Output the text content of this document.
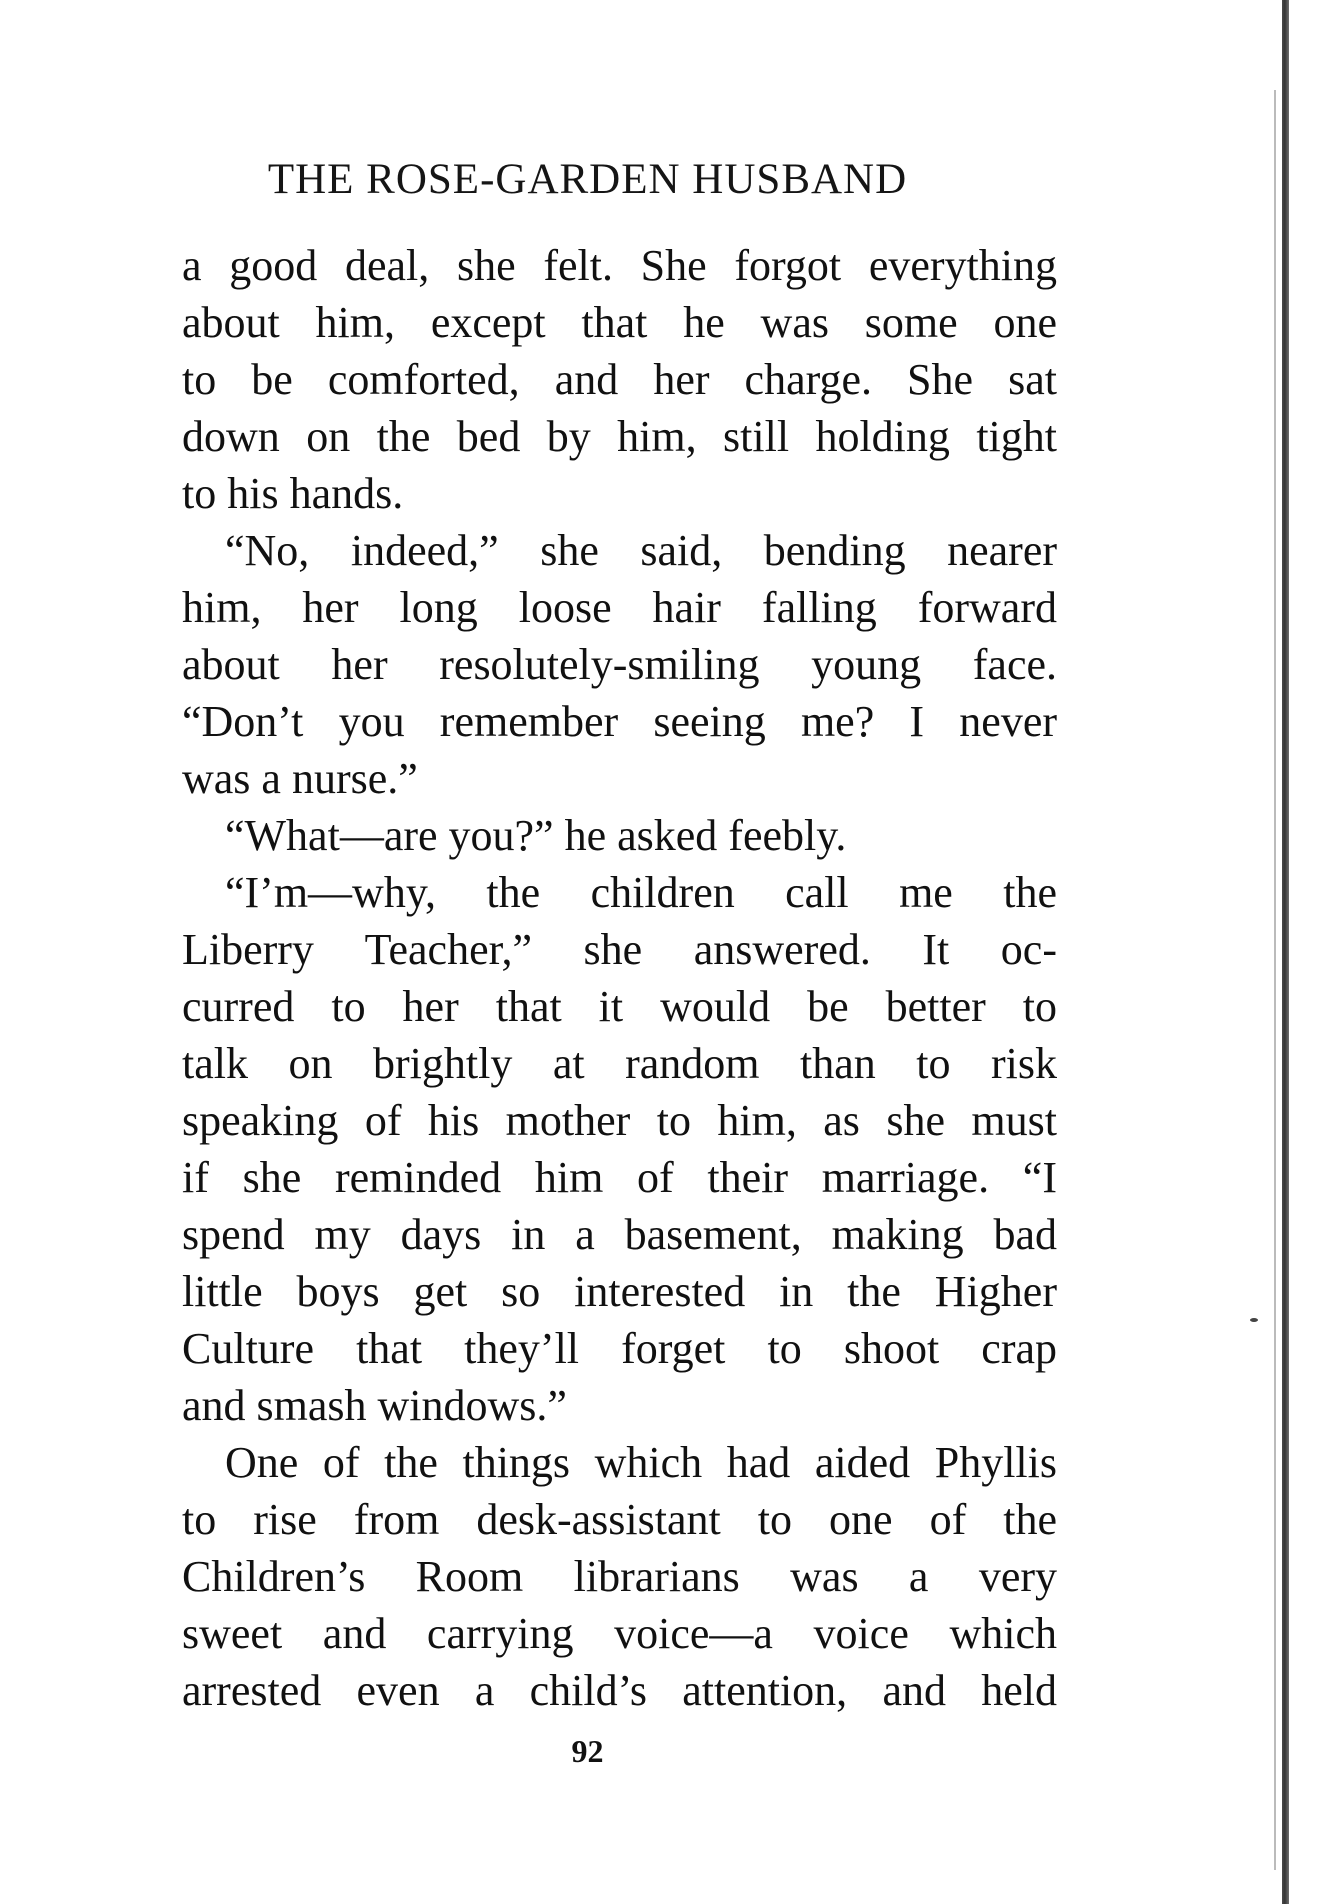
THE ROSE-GARDEN HUSBAND
a good deal, she felt. She forgot everything
about him, except that he was some one
to be comforted, and her charge. She sat
down on the bed by him, still holding tight
to his hands.
“No, indeed,” she said, bending nearer
him, her long loose hair falling forward
about her resolutely-smiling young face.
“Don’t you remember seeing me? I never
was a nurse.”
“What—are you?” he asked feebly.
“I’m—why, the children call me the
Liberry Teacher,” she answered. It oc-
curred to her that it would be better to
talk on brightly at random than to risk
speaking of his mother to him, as she must
if she reminded him of their marriage. “I
spend my days in a basement, making bad
little boys get so interested in the Higher
Culture that they’ll forget to shoot crap
and smash windows.”
One of the things which had aided Phyllis
to rise from desk-assistant to one of the
Children’s Room librarians was a very
sweet and carrying voice—a voice which
arrested even a child’s attention, and held
92
